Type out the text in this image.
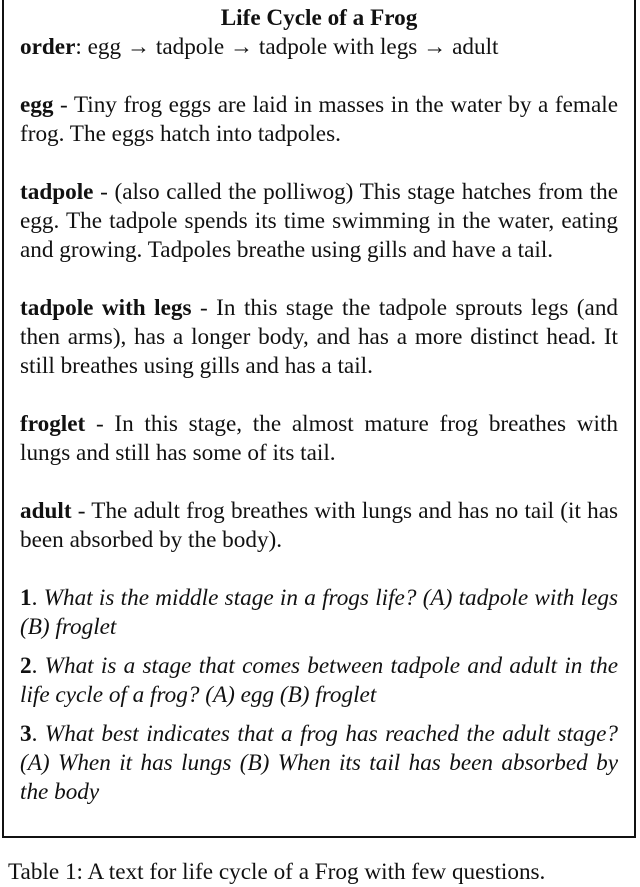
Life Cycle of a Frog

order: egg → tadpole → tadpole with legs → adult

egg - Tiny frog eggs are laid in masses in the water by a female frog. The eggs hatch into tadpoles.

tadpole - (also called the polliwog) This stage hatches from the egg. The tadpole spends its time swimming in the water, eating and growing. Tadpoles breathe using gills and have a tail.

tadpole with legs - In this stage the tadpole sprouts legs (and then arms), has a longer body, and has a more distinct head. It still breathes using gills and has a tail.

froglet - In this stage, the almost mature frog breathes with lungs and still has some of its tail.

adult - The adult frog breathes with lungs and has no tail (it has been absorbed by the body).

1. What is the middle stage in a frogs life? (A) tadpole with legs (B) froglet

2. What is a stage that comes between tadpole and adult in the life cycle of a frog? (A) egg (B) froglet

3. What best indicates that a frog has reached the adult stage? (A) When it has lungs (B) When its tail has been absorbed by the body

Table 1: A text for life cycle of a Frog with few questions.
